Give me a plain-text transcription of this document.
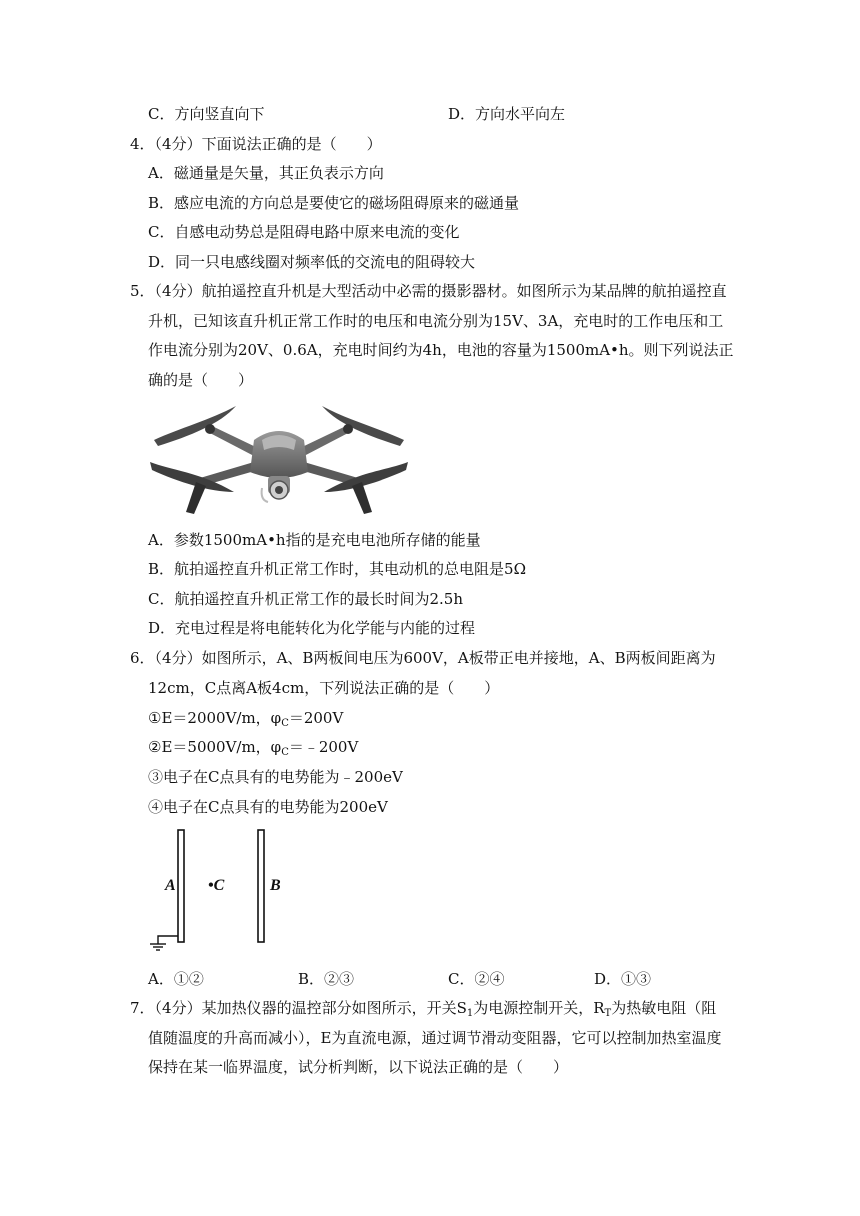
C．方向竖直向下	D．方向水平向左
4．（4分）下面说法正确的是（　　）
A．磁通量是矢量，其正负表示方向
B．感应电流的方向总是要使它的磁场阻碍原来的磁通量
C．自感电动势总是阻碍电路中原来电流的变化
D．同一只电感线圈对频率低的交流电的阻碍较大
5．（4分）航拍遥控直升机是大型活动中必需的摄影器材。如图所示为某品牌的航拍遥控直
升机，已知该直升机正常工作时的电压和电流分别为15V、3A，充电时的工作电压和工
作电流分别为20V、0.6A，充电时间约为4h，电池的容量为1500mA•h。则下列说法正
确的是（　　）
A．参数1500mA•h指的是充电电池所存储的能量
B．航拍遥控直升机正常工作时，其电动机的总电阻是5Ω
C．航拍遥控直升机正常工作的最长时间为2.5h
D．充电过程是将电能转化为化学能与内能的过程
6．（4分）如图所示，A、B两板间电压为600V，A板带正电并接地，A、B两板间距离为
12cm，C点离A板4cm，下列说法正确的是（　　）
①E＝2000V/m，$\varphi_C=200V$
②E＝5000V/m，$\varphi_C=﹣200V$
③电子在C点具有的电势能为﹣200eV
④电子在C点具有的电势能为200eV
A •C	B
A．①②	B．②③	C．②④	D．①③
7．（4分）某加热仪器的温控部分如图所示，开关$S_1$为电源控制开关，$R_T$为热敏电阻（阻
值随温度的升高而减小），E为直流电源，通过调节滑动变阻器，它可以控制加热室温度
保持在某一临界温度，试分析判断，以下说法正确的是（　　）
